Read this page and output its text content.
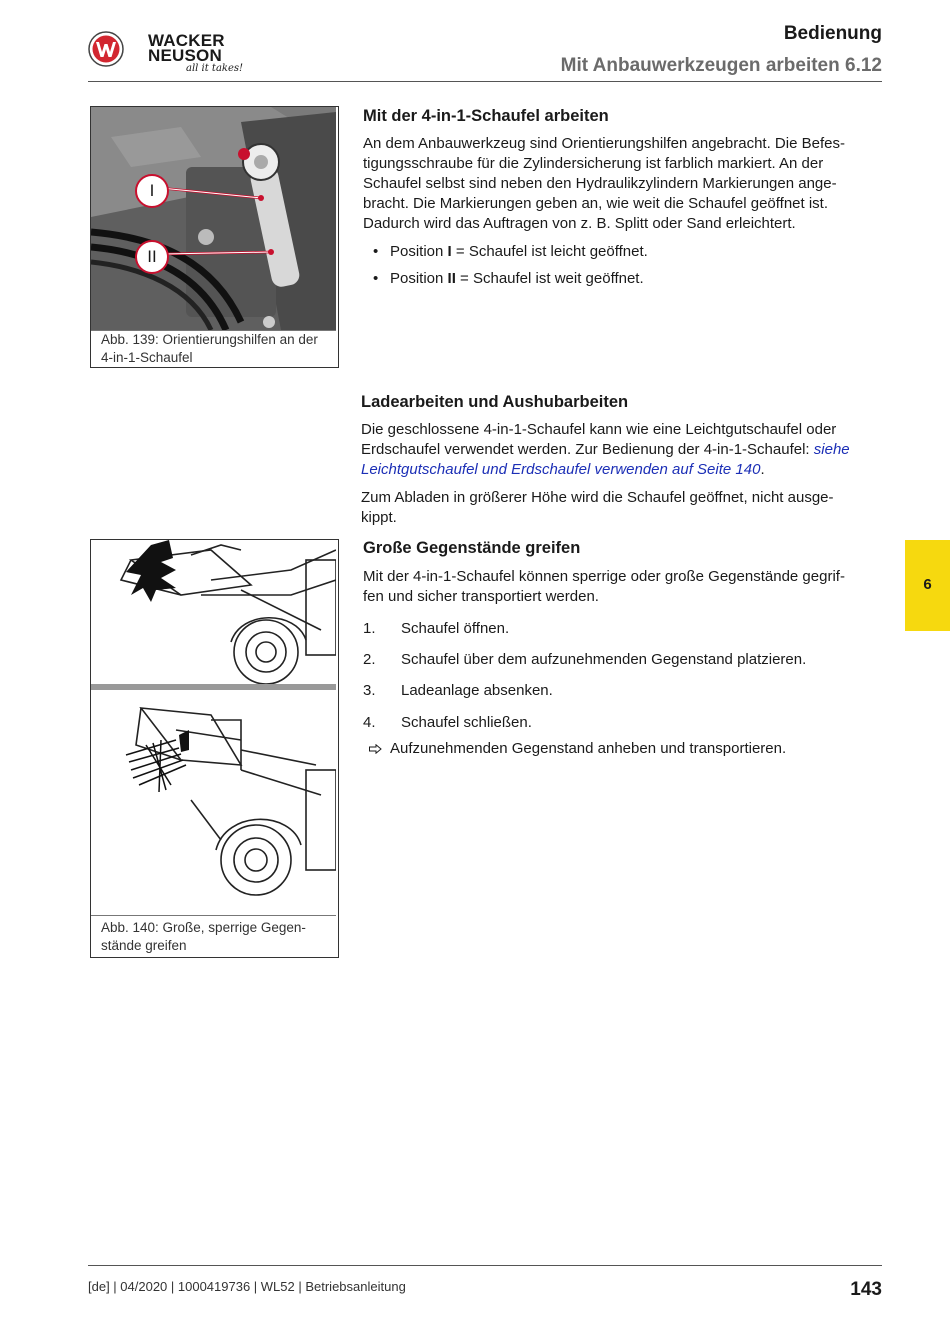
WACKER
NEUSON
all it takes!
Bedienung
Mit Anbauwerkzeugen arbeiten 6.12
I
II
Abb. 139: Orientierungshilfen an der
4-in-1-Schaufel
Abb. 140: Große, sperrige Gegen-
stände greifen
Mit der 4-in-1-Schaufel arbeiten
An dem Anbauwerkzeug sind Orientierungshilfen angebracht. Die Befes-
tigungsschraube für die Zylindersicherung ist farblich markiert. An der
Schaufel selbst sind neben den Hydraulikzylindern Markierungen ange-
bracht. Die Markierungen geben an, wie weit die Schaufel geöffnet ist.
Dadurch wird das Auftragen von z. B. Splitt oder Sand erleichtert.
• Position I = Schaufel ist leicht geöffnet.
• Position II = Schaufel ist weit geöffnet.
Ladearbeiten und Aushubarbeiten
Die geschlossene 4-in-1-Schaufel kann wie eine Leichtgutschaufel oder
Erdschaufel verwendet werden. Zur Bedienung der 4-in-1-Schaufel: siehe
Leichtgutschaufel und Erdschaufel verwenden auf Seite 140.
Zum Abladen in größerer Höhe wird die Schaufel geöffnet, nicht ausge-
kippt.
Große Gegenstände greifen
Mit der 4-in-1-Schaufel können sperrige oder große Gegenstände gegrif-
fen und sicher transportiert werden.
1. Schaufel öffnen.
2. Schaufel über dem aufzunehmenden Gegenstand platzieren.
3. Ladeanlage absenken.
4. Schaufel schließen.
Aufzunehmenden Gegenstand anheben und transportieren.
6
[de] | 04/2020 | 1000419736 | WL52 | Betriebsanleitung	143
